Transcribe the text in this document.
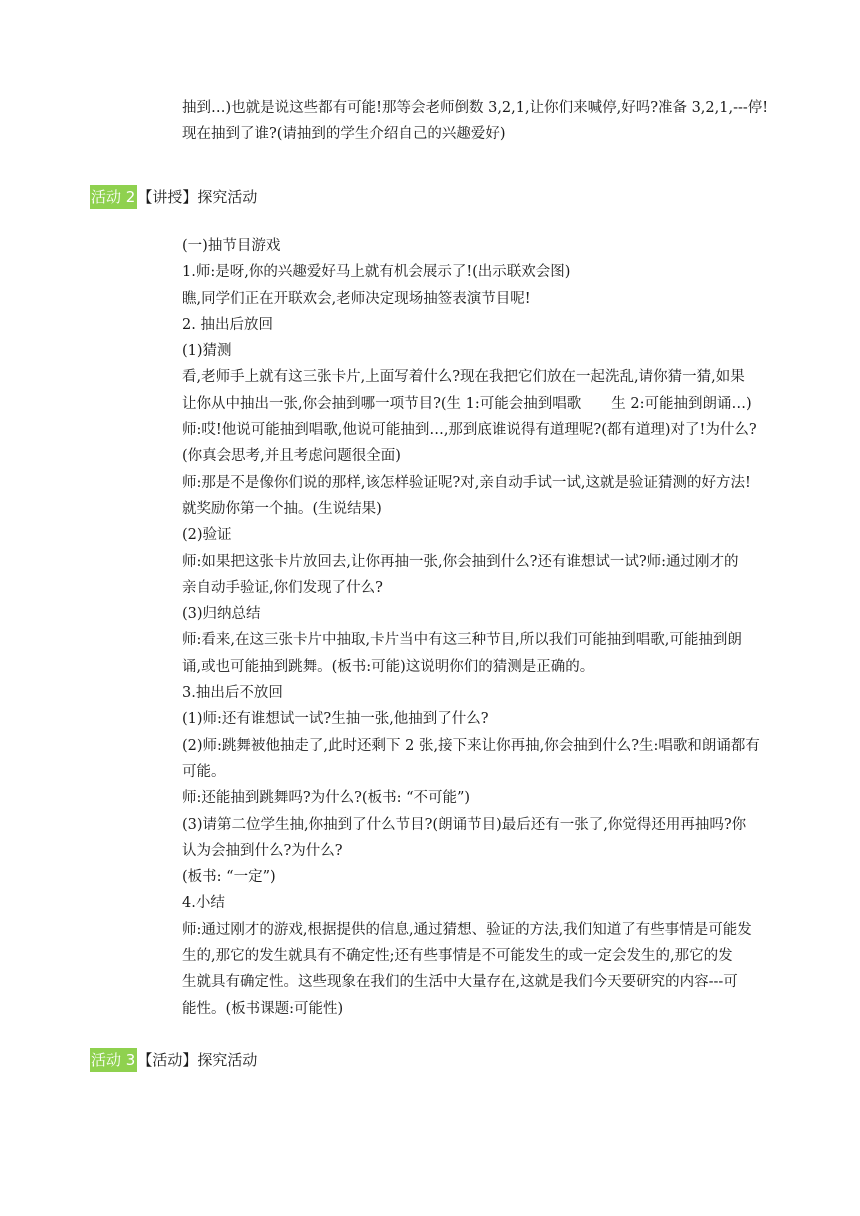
抽到…)也就是说这些都有可能!那等会老师倒数 3,2,1,让你们来喊停,好吗?准备 3,2,1,---停!
现在抽到了谁?(请抽到的学生介绍自己的兴趣爱好)
活动 2 【讲授】探究活动
(一)抽节目游戏
1.师:是呀,你的兴趣爱好马上就有机会展示了!(出示联欢会图)
瞧,同学们正在开联欢会,老师决定现场抽签表演节目呢!
2. 抽出后放回
(1)猜测
看,老师手上就有这三张卡片,上面写着什么?现在我把它们放在一起洗乱,请你猜一猜,如果
让你从中抽出一张,你会抽到哪一项节目?(生 1:可能会抽到唱歌 生 2:可能抽到朗诵…)
师:哎!他说可能抽到唱歌,他说可能抽到…,那到底谁说得有道理呢?(都有道理)对了!为什么?
(你真会思考,并且考虑问题很全面)
师:那是不是像你们说的那样,该怎样验证呢?对,亲自动手试一试,这就是验证猜测的好方法!
就奖励你第一个抽。(生说结果)
(2)验证
师:如果把这张卡片放回去,让你再抽一张,你会抽到什么?还有谁想试一试?师:通过刚才的
亲自动手验证,你们发现了什么?
(3)归纳总结
师:看来,在这三张卡片中抽取,卡片当中有这三种节目,所以我们可能抽到唱歌,可能抽到朗
诵,或也可能抽到跳舞。(板书:可能)这说明你们的猜测是正确的。
3.抽出后不放回
(1)师:还有谁想试一试?生抽一张,他抽到了什么?
(2)师:跳舞被他抽走了,此时还剩下 2 张,接下来让你再抽,你会抽到什么?生:唱歌和朗诵都有
可能。
师:还能抽到跳舞吗?为什么?(板书: “不可能”)
(3)请第二位学生抽,你抽到了什么节目?(朗诵节目)最后还有一张了,你觉得还用再抽吗?你
认为会抽到什么?为什么?
(板书: “一定”)
4.小结
师:通过刚才的游戏,根据提供的信息,通过猜想、验证的方法,我们知道了有些事情是可能发
生的,那它的发生就具有不确定性;还有些事情是不可能发生的或一定会发生的,那它的发
生就具有确定性。这些现象在我们的生活中大量存在,这就是我们今天要研究的内容---可
能性。(板书课题:可能性)
活动 3 【活动】探究活动
